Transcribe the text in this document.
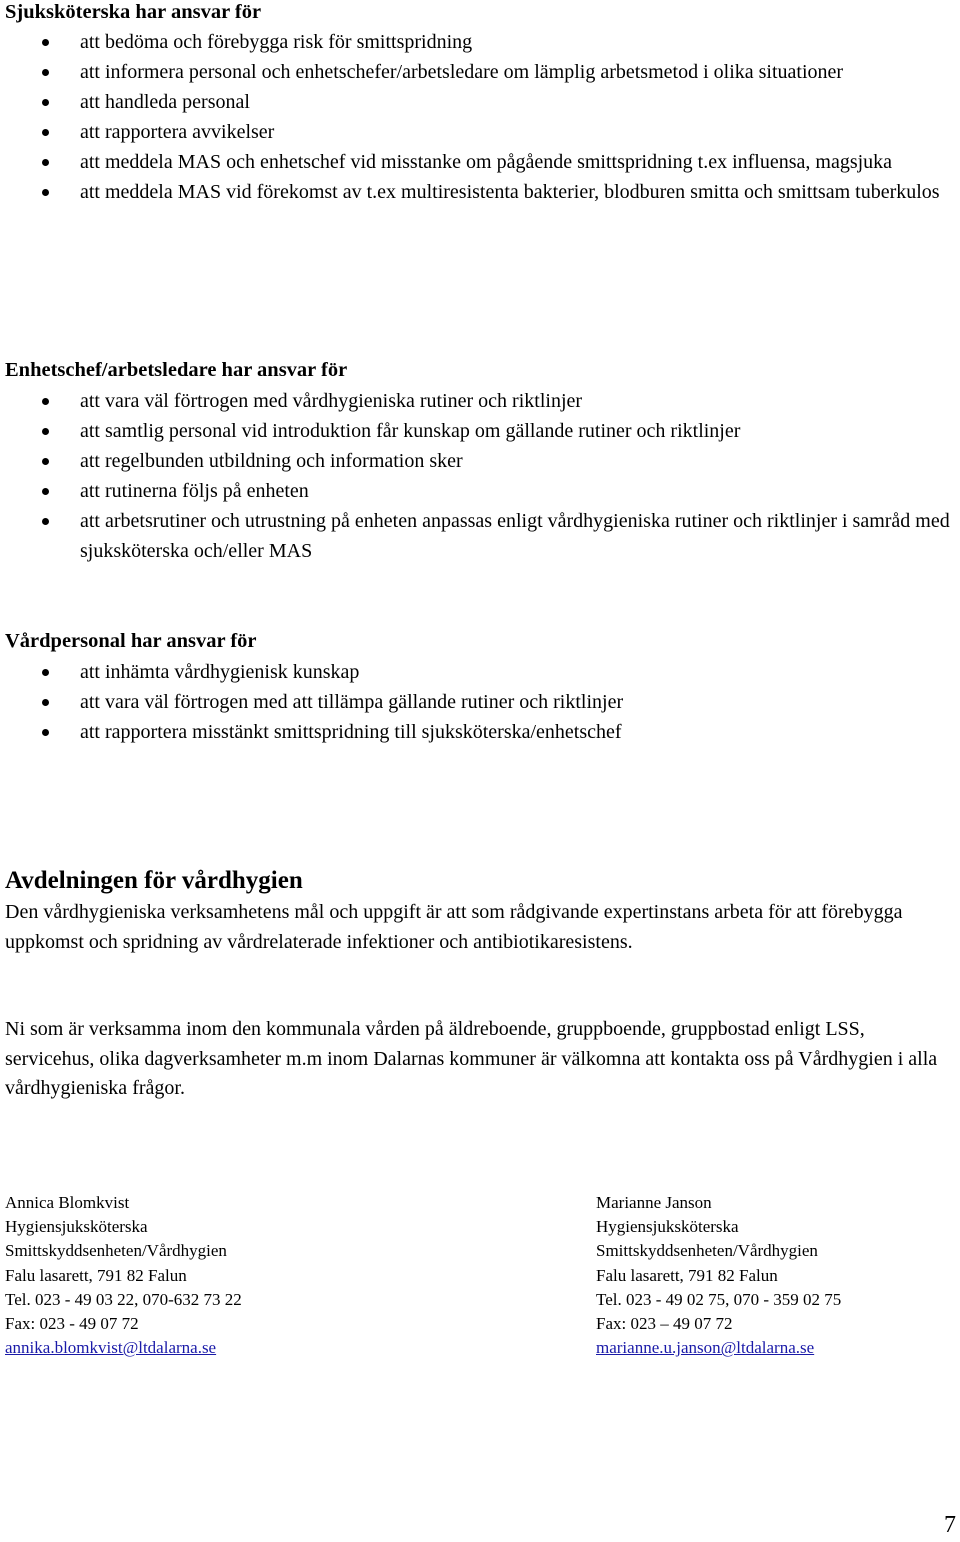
Sjuksköterska har ansvar för
att bedöma och förebygga risk för smittspridning
att informera personal och enhetschefer/arbetsledare om lämplig arbetsmetod i olika situationer
att handleda personal
att rapportera avvikelser
att meddela MAS och enhetschef vid misstanke om pågående smittspridning t.ex influensa, magsjuka
att meddela MAS vid förekomst av t.ex multiresistenta bakterier, blodburen smitta och smittsam tuberkulos
Enhetschef/arbetsledare har ansvar för
att vara väl förtrogen med vårdhygieniska rutiner och riktlinjer
att samtlig personal vid introduktion får kunskap om gällande rutiner och riktlinjer
att regelbunden utbildning och information sker
att rutinerna följs på enheten
att arbetsrutiner och utrustning på enheten anpassas enligt vårdhygieniska rutiner och riktlinjer i samråd med sjuksköterska och/eller MAS
Vårdpersonal har ansvar för
att inhämta vårdhygienisk kunskap
att vara väl förtrogen med att tillämpa gällande rutiner och riktlinjer
att rapportera misstänkt smittspridning till sjuksköterska/enhetschef
Avdelningen för vårdhygien

Den vårdhygieniska verksamhetens mål och uppgift är att som rådgivande expertinstans arbeta för att förebygga uppkomst och spridning av vårdrelaterade infektioner och antibiotikaresistens.

Ni som är verksamma inom den kommunala vården på äldreboende, gruppboende, gruppbostad enligt LSS, servicehus, olika dagverksamheter m.m inom Dalarnas kommuner är välkomna att kontakta oss på Vårdhygien i alla vårdhygieniska frågor.

Annica Blomkvist
Hygiensjuksköterska
Smittskyddsenheten/Vårdhygien
Falu lasarett, 791 82 Falun
Tel. 023 - 49 03 22, 070-632 73 22
Fax: 023 - 49 07 72
annika.blomkvist@ltdalarna.se
Marianne Janson
Hygiensjuksköterska
Smittskyddsenheten/Vårdhygien
Falu lasarett, 791 82 Falun
Tel. 023 - 49 02 75, 070 - 359 02 75
Fax: 023 – 49 07 72
marianne.u.janson@ltdalarna.se
7
